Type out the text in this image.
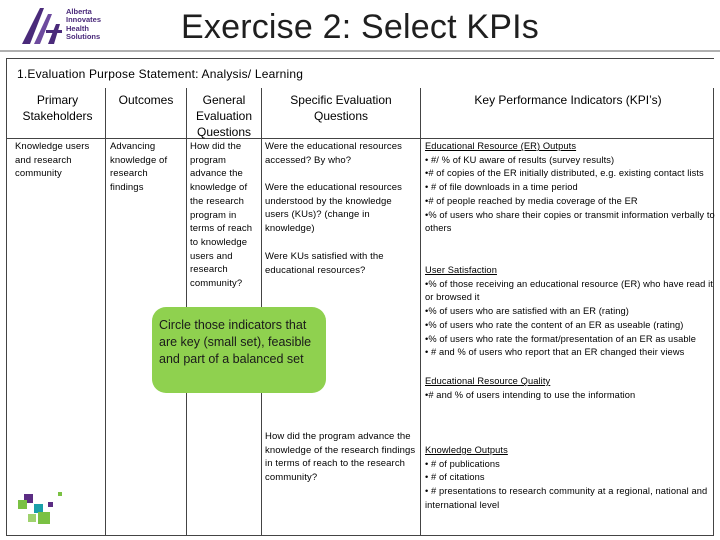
Alberta
Innovates
Health
Solutions	Exercise 2: Select KPIs
1.Evaluation Purpose Statement: Analysis/ Learning
Primary Stakeholders
Outcomes	General Evaluation Questions
Specific Evaluation Questions
Key Performance Indicators (KPI’s)
Knowledge users and research community
Advancing knowledge of research findings
How did the program advance the knowledge of the research program in terms of reach to knowledge users and research community?
Were the educational resources accessed? By who?
Were the educational resources understood by the knowledge users (KUs)? (change in knowledge)
Were KUs satisfied with the educational resources?
How did the program advance the knowledge of the research findings in terms of reach to the research community?
Educational Resource (ER) Outputs
• #/ % of KU aware of results (survey results)
•# of copies of the ER initially distributed, e.g. existing contact lists
• # of file downloads in a time period
•# of people reached by media coverage of the ER
•% of users who share their copies or transmit information verbally to others
User Satisfaction
•% of those receiving an educational resource (ER) who have read it or browsed it
•% of users who are satisfied with an ER (rating)
•% of users who rate the content of an ER as useable (rating)
•% of users who rate the format/presentation of an ER as usable
• # and % of users who report that an ER changed their views
Educational Resource Quality
•# and % of users intending to use the information
Knowledge Outputs
• # of publications
• # of citations
• # presentations to research community at a regional, national and international level
Circle those indicators that are key (small set), feasible and part of a balanced set
